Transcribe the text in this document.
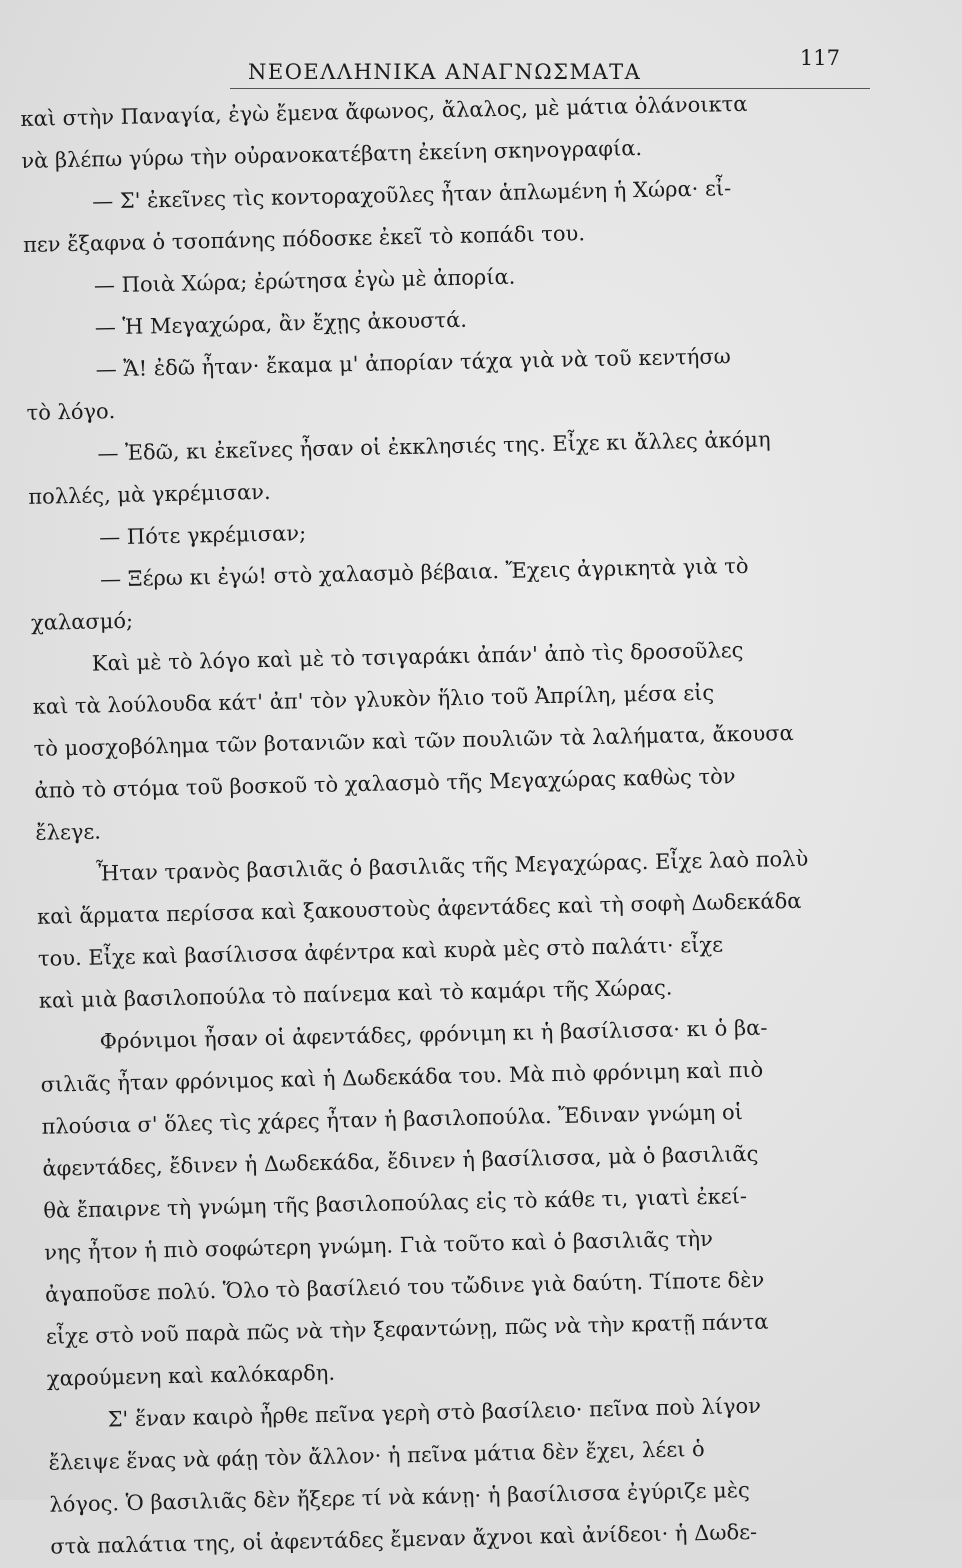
ΝΕΟΕΛΛΗΝΙΚΑ ΑΝΑΓΝΩΣΜΑΤΑ
117
καὶ στὴν Παναγία, ἐγὼ ἔμενα ἄφωνος, ἄλαλος, μὲ μάτια ὀλάνοικτα
νὰ βλέπω γύρω τὴν οὐρανοκατέβατη ἐκείνη σκηνογραφία.
— Σ' ἐκεῖνες τὶς κοντοραχοῦλες ἦταν ἁπλωμένη ἡ Χώρα· εἶ-
πεν ἔξαφνα ὁ τσοπάνης πόδοσκε ἐκεῖ τὸ κοπάδι του.
— Ποιὰ Χώρα; ἐρώτησα ἐγὼ μὲ ἀπορία.
— Ἡ Μεγαχώρα, ἂν ἔχῃς ἀκουστά.
— Ἄ! ἐδῶ ἦταν· ἔκαμα μ' ἀπορίαν τάχα γιὰ νὰ τοῦ κεντήσω
τὸ λόγο.
— Ἐδῶ, κι ἐκεῖνες ἦσαν οἱ ἐκκλησιές της. Εἶχε κι ἄλλες ἀκόμη
πολλές, μὰ γκρέμισαν.
— Πότε γκρέμισαν;
— Ξέρω κι ἐγώ! στὸ χαλασμὸ βέβαια. Ἔχεις ἀγρικητὰ γιὰ τὸ
χαλασμό;
Καὶ μὲ τὸ λόγο καὶ μὲ τὸ τσιγαράκι ἀπάν' ἀπὸ τὶς δροσοῦλες
καὶ τὰ λούλουδα κάτ' ἀπ' τὸν γλυκὸν ἥλιο τοῦ Ἀπρίλη, μέσα εἰς
τὸ μοσχοβόλημα τῶν βοτανιῶν καὶ τῶν πουλιῶν τὰ λαλήματα, ἄκουσα
ἀπὸ τὸ στόμα τοῦ βοσκοῦ τὸ χαλασμὸ τῆς Μεγαχώρας καθὼς τὸν
ἔλεγε.
Ἦταν τρανὸς βασιλιᾶς ὁ βασιλιᾶς τῆς Μεγαχώρας. Εἶχε λαὸ πολὺ
καὶ ἅρματα περίσσα καὶ ξακουστοὺς ἀφεντάδες καὶ τὴ σοφὴ Δωδεκάδα
του. Εἶχε καὶ βασίλισσα ἀφέντρα καὶ κυρὰ μὲς στὸ παλάτι· εἶχε
καὶ μιὰ βασιλοπούλα τὸ παίνεμα καὶ τὸ καμάρι τῆς Χώρας.
Φρόνιμοι ἦσαν οἱ ἀφεντάδες, φρόνιμη κι ἡ βασίλισσα· κι ὁ βα-
σιλιᾶς ἦταν φρόνιμος καὶ ἡ Δωδεκάδα του. Μὰ πιὸ φρόνιμη καὶ πιὸ
πλούσια σ' ὅλες τὶς χάρες ἦταν ἡ βασιλοπούλα. Ἔδιναν γνώμη οἱ
ἀφεντάδες, ἔδινεν ἡ Δωδεκάδα, ἔδινεν ἡ βασίλισσα, μὰ ὁ βασιλιᾶς
θὰ ἔπαιρνε τὴ γνώμη τῆς βασιλοπούλας εἰς τὸ κάθε τι, γιατὶ ἐκεί-
νης ἦτον ἡ πιὸ σοφώτερη γνώμη. Γιὰ τοῦτο καὶ ὁ βασιλιᾶς τὴν
ἀγαποῦσε πολύ. Ὅλο τὸ βασίλειό του τὤδινε γιὰ δαύτη. Τίποτε δὲν
εἶχε στὸ νοῦ παρὰ πῶς νὰ τὴν ξεφαντώνῃ, πῶς νὰ τὴν κρατῇ πάντα
χαρούμενη καὶ καλόκαρδη.
Σ' ἕναν καιρὸ ἦρθε πεῖνα γερὴ στὸ βασίλειο· πεῖνα ποὺ λίγον
ἔλειψε ἕνας νὰ φάῃ τὸν ἄλλον· ἡ πεῖνα μάτια δὲν ἔχει, λέει ὁ
λόγος. Ὁ βασιλιᾶς δὲν ἤξερε τί νὰ κάνῃ· ἡ βασίλισσα ἐγύριζε μὲς
στὰ παλάτια της, οἱ ἀφεντάδες ἔμεναν ἄχνοι καὶ ἀνίδεοι· ἡ Δωδε-
